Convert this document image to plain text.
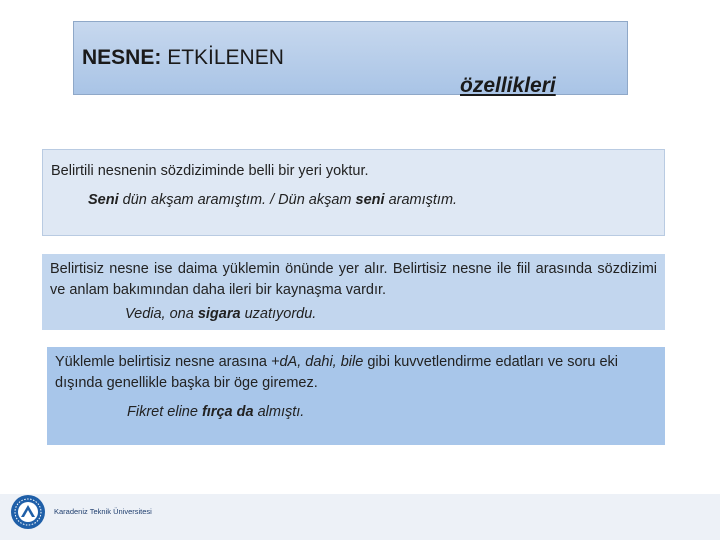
NESNE: ETKİLENEN
özellikleri

Belirtili nesnenin sözdiziminde belli bir yeri yoktur.

Seni dün akşam aramıştım. / Dün akşam seni aramıştım.

Belirtisiz nesne ise daima yüklemin önünde yer alır. Belirtisiz nesne ile fiil arasında sözdizimi ve anlam bakımından daha ileri bir kaynaşma vardır.

Vedia, ona sigara uzatıyordu.

Yüklemle belirtisiz nesne arasına +dA, dahi, bile gibi kuvvetlendirme edatları ve soru eki dışında genellikle başka bir öge giremez.

Fikret eline fırça da almıştı.

Karadeniz Teknik Üniversitesi
